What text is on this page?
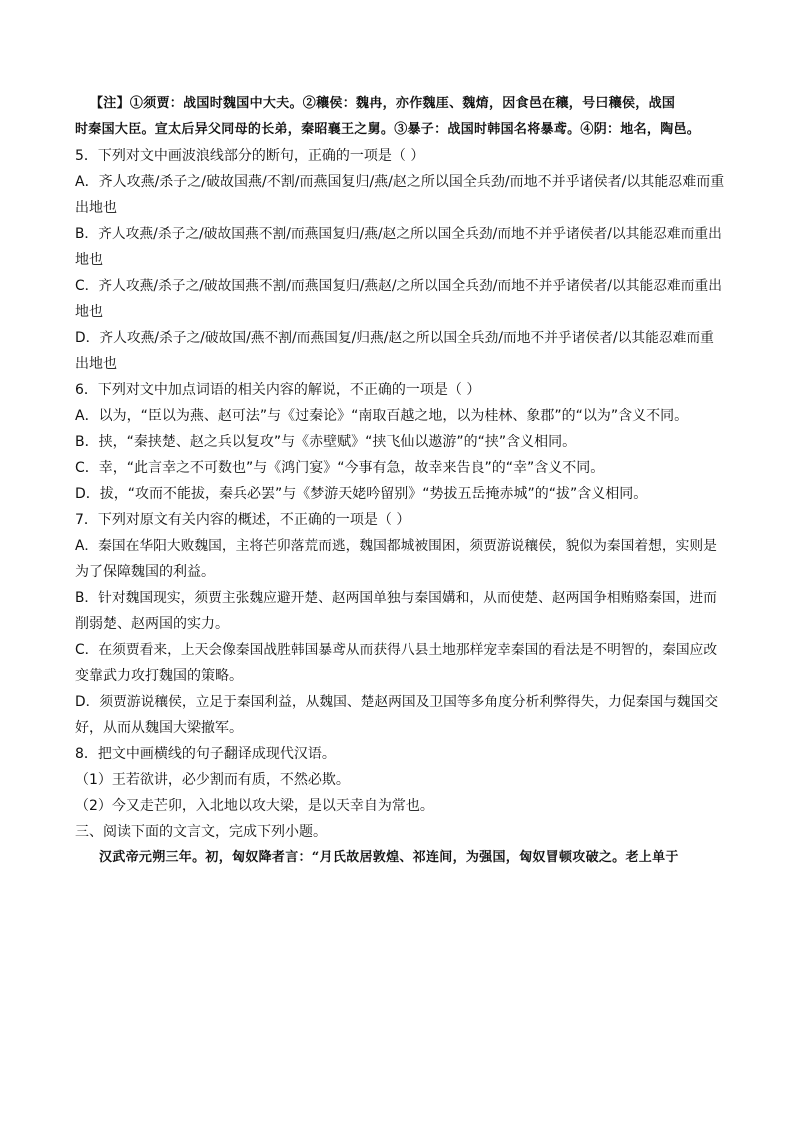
【注】①须贾：战国时魏国中大夫。②穰侯：魏冉，亦作魏厓、魏焴，因食邑在穰，号曰穰侯，战国
时秦国大臣。宣太后异父同母的长弟，秦昭襄王之舅。③暴子：战国时韩国名将暴鸢。④阴：地名，陶邑。
5．下列对文中画波浪线部分的断句，正确的一项是（ ）
A．齐人攻燕/杀子之/破故国燕/不割/而燕国复归/燕/赵之所以国全兵劲/而地不并乎诸侯者/以其能忍难而重
出地也
B．齐人攻燕/杀子之/破故国燕不割/而燕国复归/燕/赵之所以国全兵劲/而地不并乎诸侯者/以其能忍难而重出
地也
C．齐人攻燕/杀子之/破故国燕不割/而燕国复归/燕赵/之所以国全兵劲/而地不并乎诸侯者/以其能忍难而重出
地也
D．齐人攻燕/杀子之/破故国/燕不割/而燕国复/归燕/赵之所以国全兵劲/而地不并乎诸侯者/以其能忍难而重
出地也
6．下列对文中加点词语的相关内容的解说，不正确的一项是（ ）
A．以为，“臣以为燕、赵可法”与《过秦论》“南取百越之地，以为桂林、象郡”的“以为”含义不同。
B．挟，“秦挟楚、赵之兵以复攻”与《赤壁赋》“挟飞仙以遨游”的“挟”含义相同。
C．幸，“此言幸之不可数也”与《鸿门宴》“今事有急，故幸来告良”的“幸”含义不同。
D．拔，“攻而不能拔，秦兵必罢”与《梦游天姥吟留别》“势拔五岳掩赤城”的“拔”含义相同。
7．下列对原文有关内容的概述，不正确的一项是（ ）
A．秦国在华阳大败魏国，主将芒卯落荒而逃，魏国都城被围困，须贾游说穰侯，貌似为秦国着想，实则是
为了保障魏国的利益。
B．针对魏国现实，须贾主张魏应避开楚、赵两国单独与秦国媾和，从而使楚、赵两国争相贿赂秦国，进而
削弱楚、赵两国的实力。
C．在须贾看来，上天会像秦国战胜韩国暴鸢从而获得八县土地那样宠幸秦国的看法是不明智的，秦国应改
变靠武力攻打魏国的策略。
D．须贾游说穰侯，立足于秦国利益，从魏国、楚赵两国及卫国等多角度分析利弊得失，力促秦国与魏国交
好，从而从魏国大梁撤军。
8．把文中画横线的句子翻译成现代汉语。
（1）王若欲讲，必少割而有质，不然必欺。
（2）今又走芒卯，入北地以攻大梁，是以天幸自为常也。
三、阅读下面的文言文，完成下列小题。
汉武帝元朔三年。初，匈奴降者言：“月氏故居敦煌、祁连间，为强国，匈奴冒顿攻破之。老上单于
